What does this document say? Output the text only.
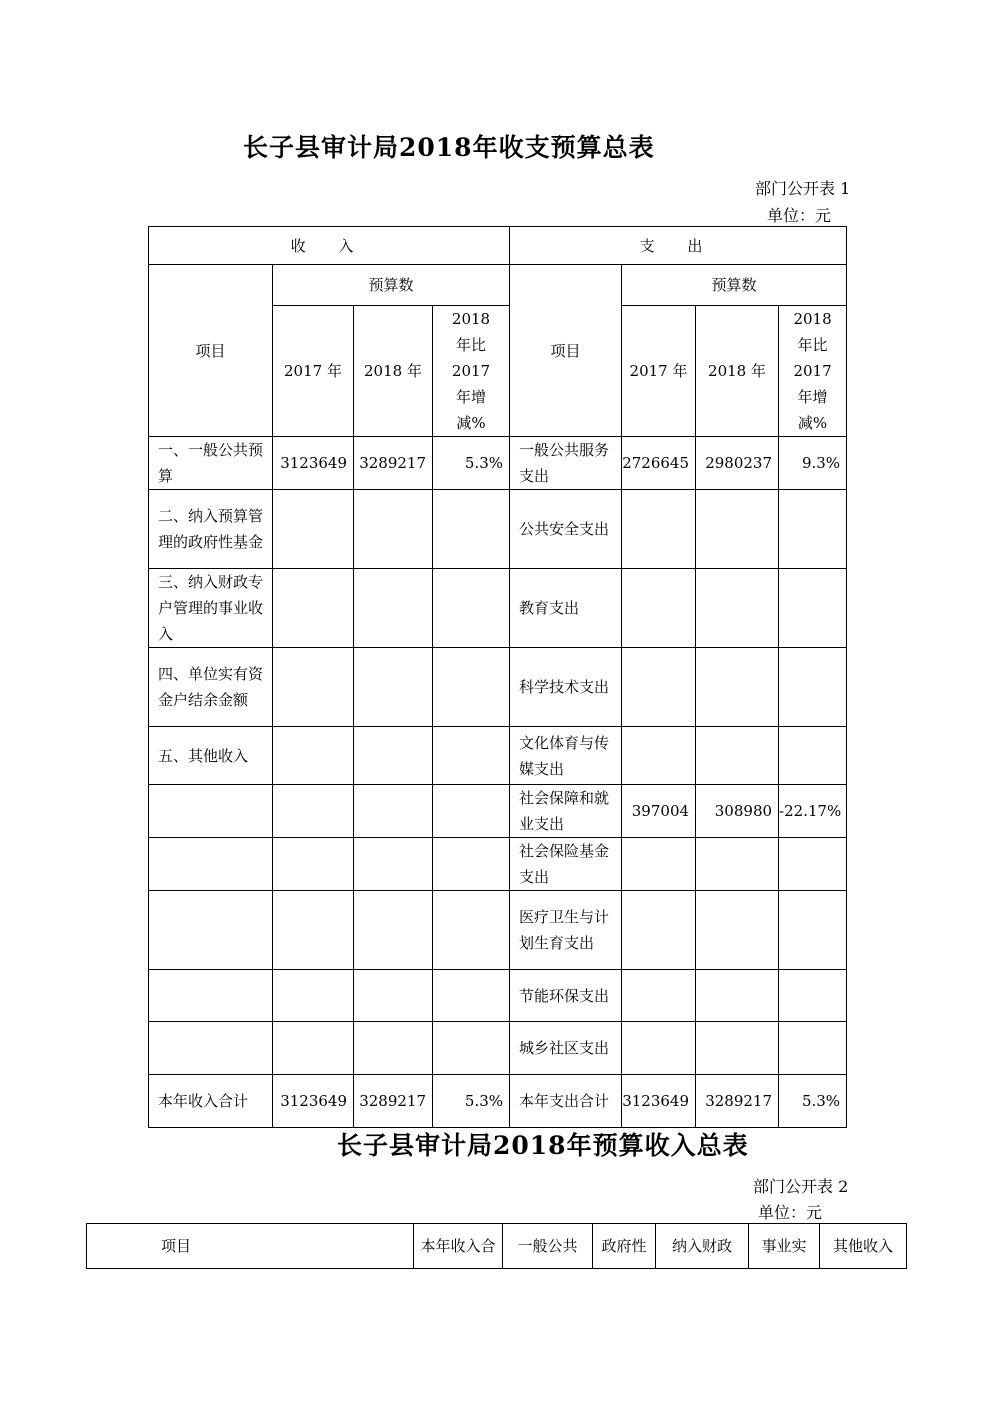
长子县审计局2018年收支预算总表
部门公开表 1
单位：元
收 入				支 出			
项目	预算数			项目	预算数		
	2017 年	2018 年	2018 年比 2017 年增减%		2017 年	2018 年	2018 年比 2017 年增减%
一、一般公共预算	3123649	3289217	5.3%	一般公共服务支出	2726645	2980237	9.3%
二、纳入预算管理的政府性基金				公共安全支出			
三、纳入财政专户管理的事业收入				教育支出			
四、单位实有资金户结余金额				科学技术支出			
五、其他收入				文化体育与传媒支出			
				社会保障和就业支出	397004	308980	-22.17%
				社会保险基金支出			
				医疗卫生与计划生育支出			
				节能环保支出			
				城乡社区支出			
本年收入合计	3123649	3289217	5.3%	本年支出合计	3123649	3289217	5.3%
长子县审计局2018年预算收入总表
部门公开表 2
单位：元
项目	本年收入合	一般公共	政府性	纳入财政	事业实	其他收入
